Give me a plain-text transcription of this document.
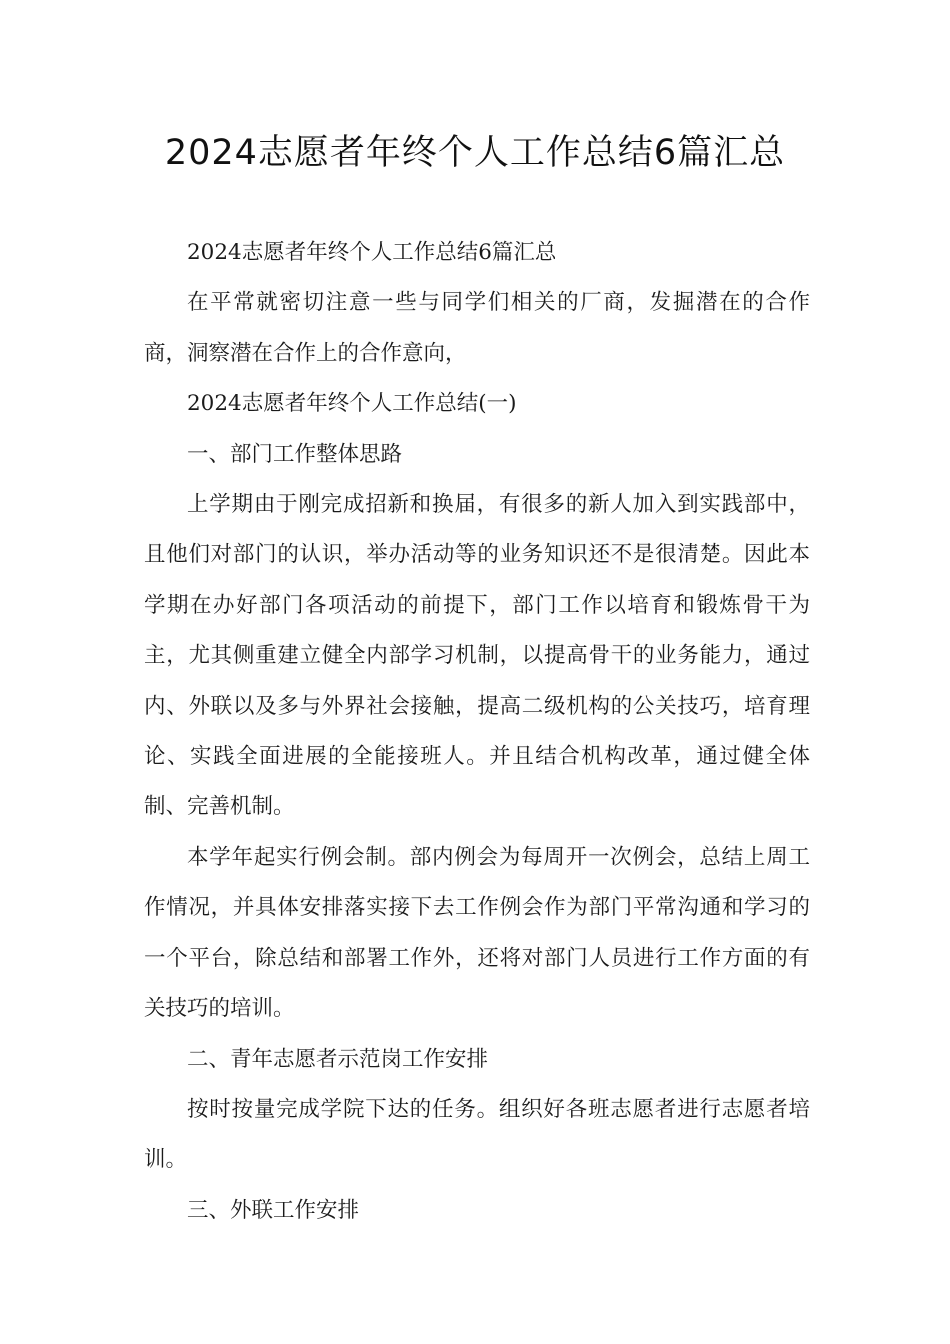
2024志愿者年终个人工作总结6篇汇总

2024志愿者年终个人工作总结6篇汇总

在平常就密切注意一些与同学们相关的厂商，发掘潜在的合作商，洞察潜在合作上的合作意向，

2024志愿者年终个人工作总结(一)

一、部门工作整体思路

上学期由于刚完成招新和换届，有很多的新人加入到实践部中，且他们对部门的认识，举办活动等的业务知识还不是很清楚。因此本学期在办好部门各项活动的前提下，部门工作以培育和锻炼骨干为主，尤其侧重建立健全内部学习机制，以提高骨干的业务能力，通过内、外联以及多与外界社会接触，提高二级机构的公关技巧，培育理论、实践全面进展的全能接班人。并且结合机构改革，通过健全体制、完善机制。

本学年起实行例会制。部内例会为每周开一次例会，总结上周工作情况，并具体安排落实接下去工作例会作为部门平常沟通和学习的一个平台，除总结和部署工作外，还将对部门人员进行工作方面的有关技巧的培训。

二、青年志愿者示范岗工作安排

按时按量完成学院下达的任务。组织好各班志愿者进行志愿者培训。

三、外联工作安排
